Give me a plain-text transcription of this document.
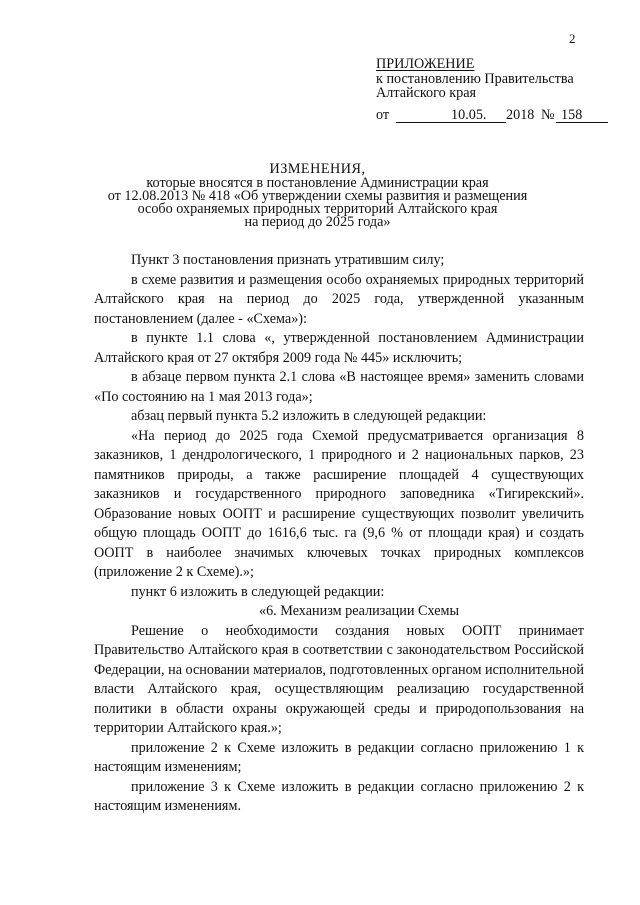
2
ПРИЛОЖЕНИЕ
к постановлению Правительства
Алтайского края
от	10.05. 2018 № 158
ИЗМЕНЕНИЯ,
которые вносятся в постановление Администрации края
от 12.08.2013 № 418 «Об утверждении схемы развития и размещения
особо охраняемых природных территорий Алтайского края
на период до 2025 года»

Пункт 3 постановления признать утратившим силу;

в схеме развития и размещения особо охраняемых природных территорий Алтайского края на период до 2025 года, утвержденной указанным постановлением (далее - «Схема»):

в пункте 1.1 слова «, утвержденной постановлением Администрации Алтайского края от 27 октября 2009 года № 445» исключить;

в абзаце первом пункта 2.1 слова «В настоящее время» заменить словами «По состоянию на 1 мая 2013 года»;

абзац первый пункта 5.2 изложить в следующей редакции:

«На период до 2025 года Схемой предусматривается организация 8 заказников, 1 дендрологического, 1 природного и 2 национальных парков, 23 памятников природы, а также расширение площадей 4 существующих заказников и государственного природного заповедника «Тигирекский». Образование новых ООПТ и расширение существующих позволит увеличить общую площадь ООПТ до 1616,6 тыс. га (9,6 % от площади края) и создать ООПТ в наиболее значимых ключевых точках природных комплексов (приложение 2 к Схеме).»;

пункт 6 изложить в следующей редакции:

«6. Механизм реализации Схемы

Решение о необходимости создания новых ООПТ принимает Правительство Алтайского края в соответствии с законодательством Российской Федерации, на основании материалов, подготовленных органом исполнительной власти Алтайского края, осуществляющим реализацию государственной политики в области охраны окружающей среды и природопользования на территории Алтайского края.»;

приложение 2 к Схеме изложить в редакции согласно приложению 1 к настоящим изменениям;

приложение 3 к Схеме изложить в редакции согласно приложению 2 к настоящим изменениям.
